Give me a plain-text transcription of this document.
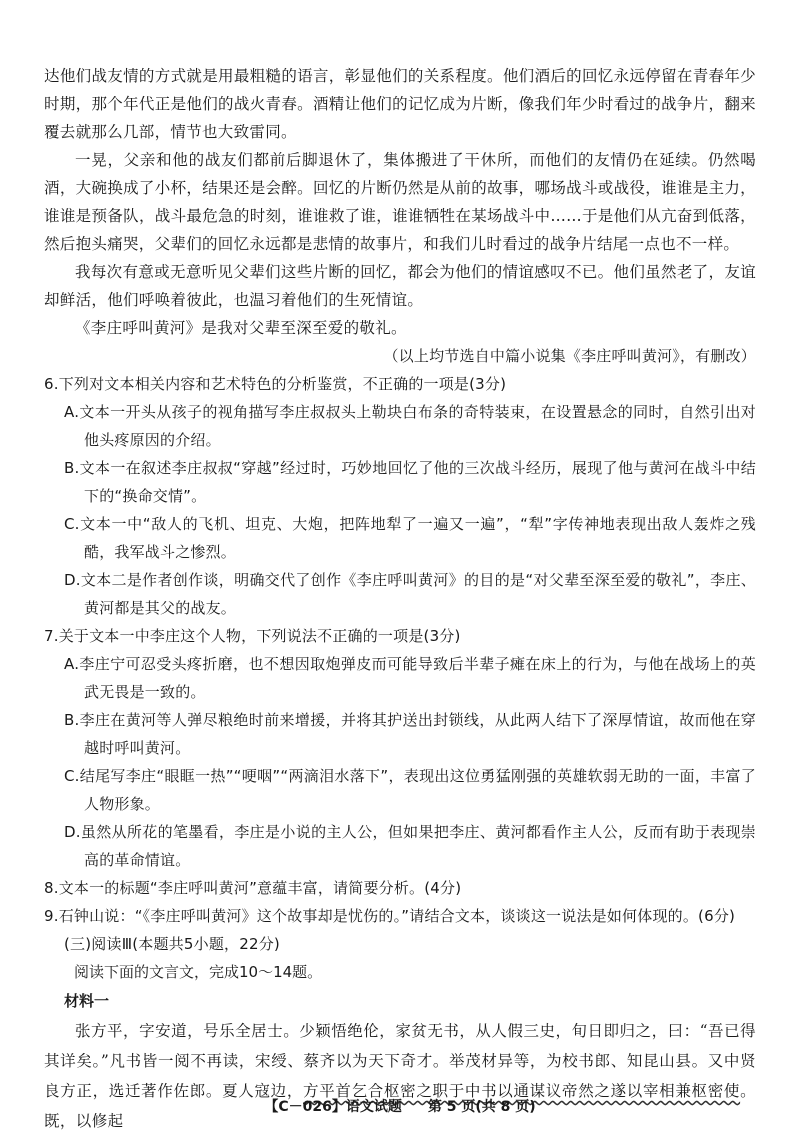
达他们战友情的方式就是用最粗糙的语言，彰显他们的关系程度。他们酒后的回忆永远停留在青春年少时期，那个年代正是他们的战火青春。酒精让他们的记忆成为片断，像我们年少时看过的战争片，翻来覆去就那么几部，情节也大致雷同。

一晃，父亲和他的战友们都前后脚退休了，集体搬进了干休所，而他们的友情仍在延续。仍然喝酒，大碗换成了小杯，结果还是会醉。回忆的片断仍然是从前的故事，哪场战斗或战役，谁谁是主力，谁谁是预备队，战斗最危急的时刻，谁谁救了谁，谁谁牺牲在某场战斗中……于是他们从亢奋到低落，然后抱头痛哭，父辈们的回忆永远都是悲情的故事片，和我们儿时看过的战争片结尾一点也不一样。

我每次有意或无意听见父辈们这些片断的回忆，都会为他们的情谊感叹不已。他们虽然老了，友谊却鲜活，他们呼唤着彼此，也温习着他们的生死情谊。

《李庄呼叫黄河》是我对父辈至深至爱的敬礼。

（以上均节选自中篇小说集《李庄呼叫黄河》，有删改）

6.下列对文本相关内容和艺术特色的分析鉴赏，不正确的一项是(3分)

A.文本一开头从孩子的视角描写李庄叔叔头上勒块白布条的奇特装束，在设置悬念的同时，自然引出对他头疼原因的介绍。

B.文本一在叙述李庄叔叔“穿越”经过时，巧妙地回忆了他的三次战斗经历，展现了他与黄河在战斗中结下的“换命交情”。

C.文本一中“敌人的飞机、坦克、大炮，把阵地犁了一遍又一遍”，“犁”字传神地表现出敌人轰炸之残酷，我军战斗之惨烈。

D.文本二是作者创作谈，明确交代了创作《李庄呼叫黄河》的目的是“对父辈至深至爱的敬礼”，李庄、黄河都是其父的战友。

7.关于文本一中李庄这个人物，下列说法不正确的一项是(3分)

A.李庄宁可忍受头疼折磨，也不想因取炮弹皮而可能导致后半辈子瘫在床上的行为，与他在战场上的英武无畏是一致的。

B.李庄在黄河等人弹尽粮绝时前来增援，并将其护送出封锁线，从此两人结下了深厚情谊，故而他在穿越时呼叫黄河。

C.结尾写李庄“眼眶一热”“哽咽”“两滴泪水落下”，表现出这位勇猛刚强的英雄软弱无助的一面，丰富了人物形象。

D.虽然从所花的笔墨看，李庄是小说的主人公，但如果把李庄、黄河都看作主人公，反而有助于表现崇高的革命情谊。

8.文本一的标题“李庄呼叫黄河”意蕴丰富，请简要分析。(4分)

9.石钟山说：“《李庄呼叫黄河》这个故事却是忧伤的。”请结合文本，谈谈这一说法是如何体现的。(6分)

(三)阅读Ⅲ(本题共5小题，22分)

阅读下面的文言文，完成10～14题。

材料一

张方平，字安道，号乐全居士。少颖悟绝伦，家贫无书，从人假三史，旬日即归之，曰：“吾已得其详矣。”凡书皆一阅不再读，宋绶、蔡齐以为天下奇才。举茂材异等，为校书郎、知昆山县。又中贤良方正，选迁著作佐郎。夏人寇边，方平首乞合枢密之职于中书以通谋议帝然之遂以宰相兼枢密使。既，以修起

【C－026】语文试题 第 5 页(共 8 页)
